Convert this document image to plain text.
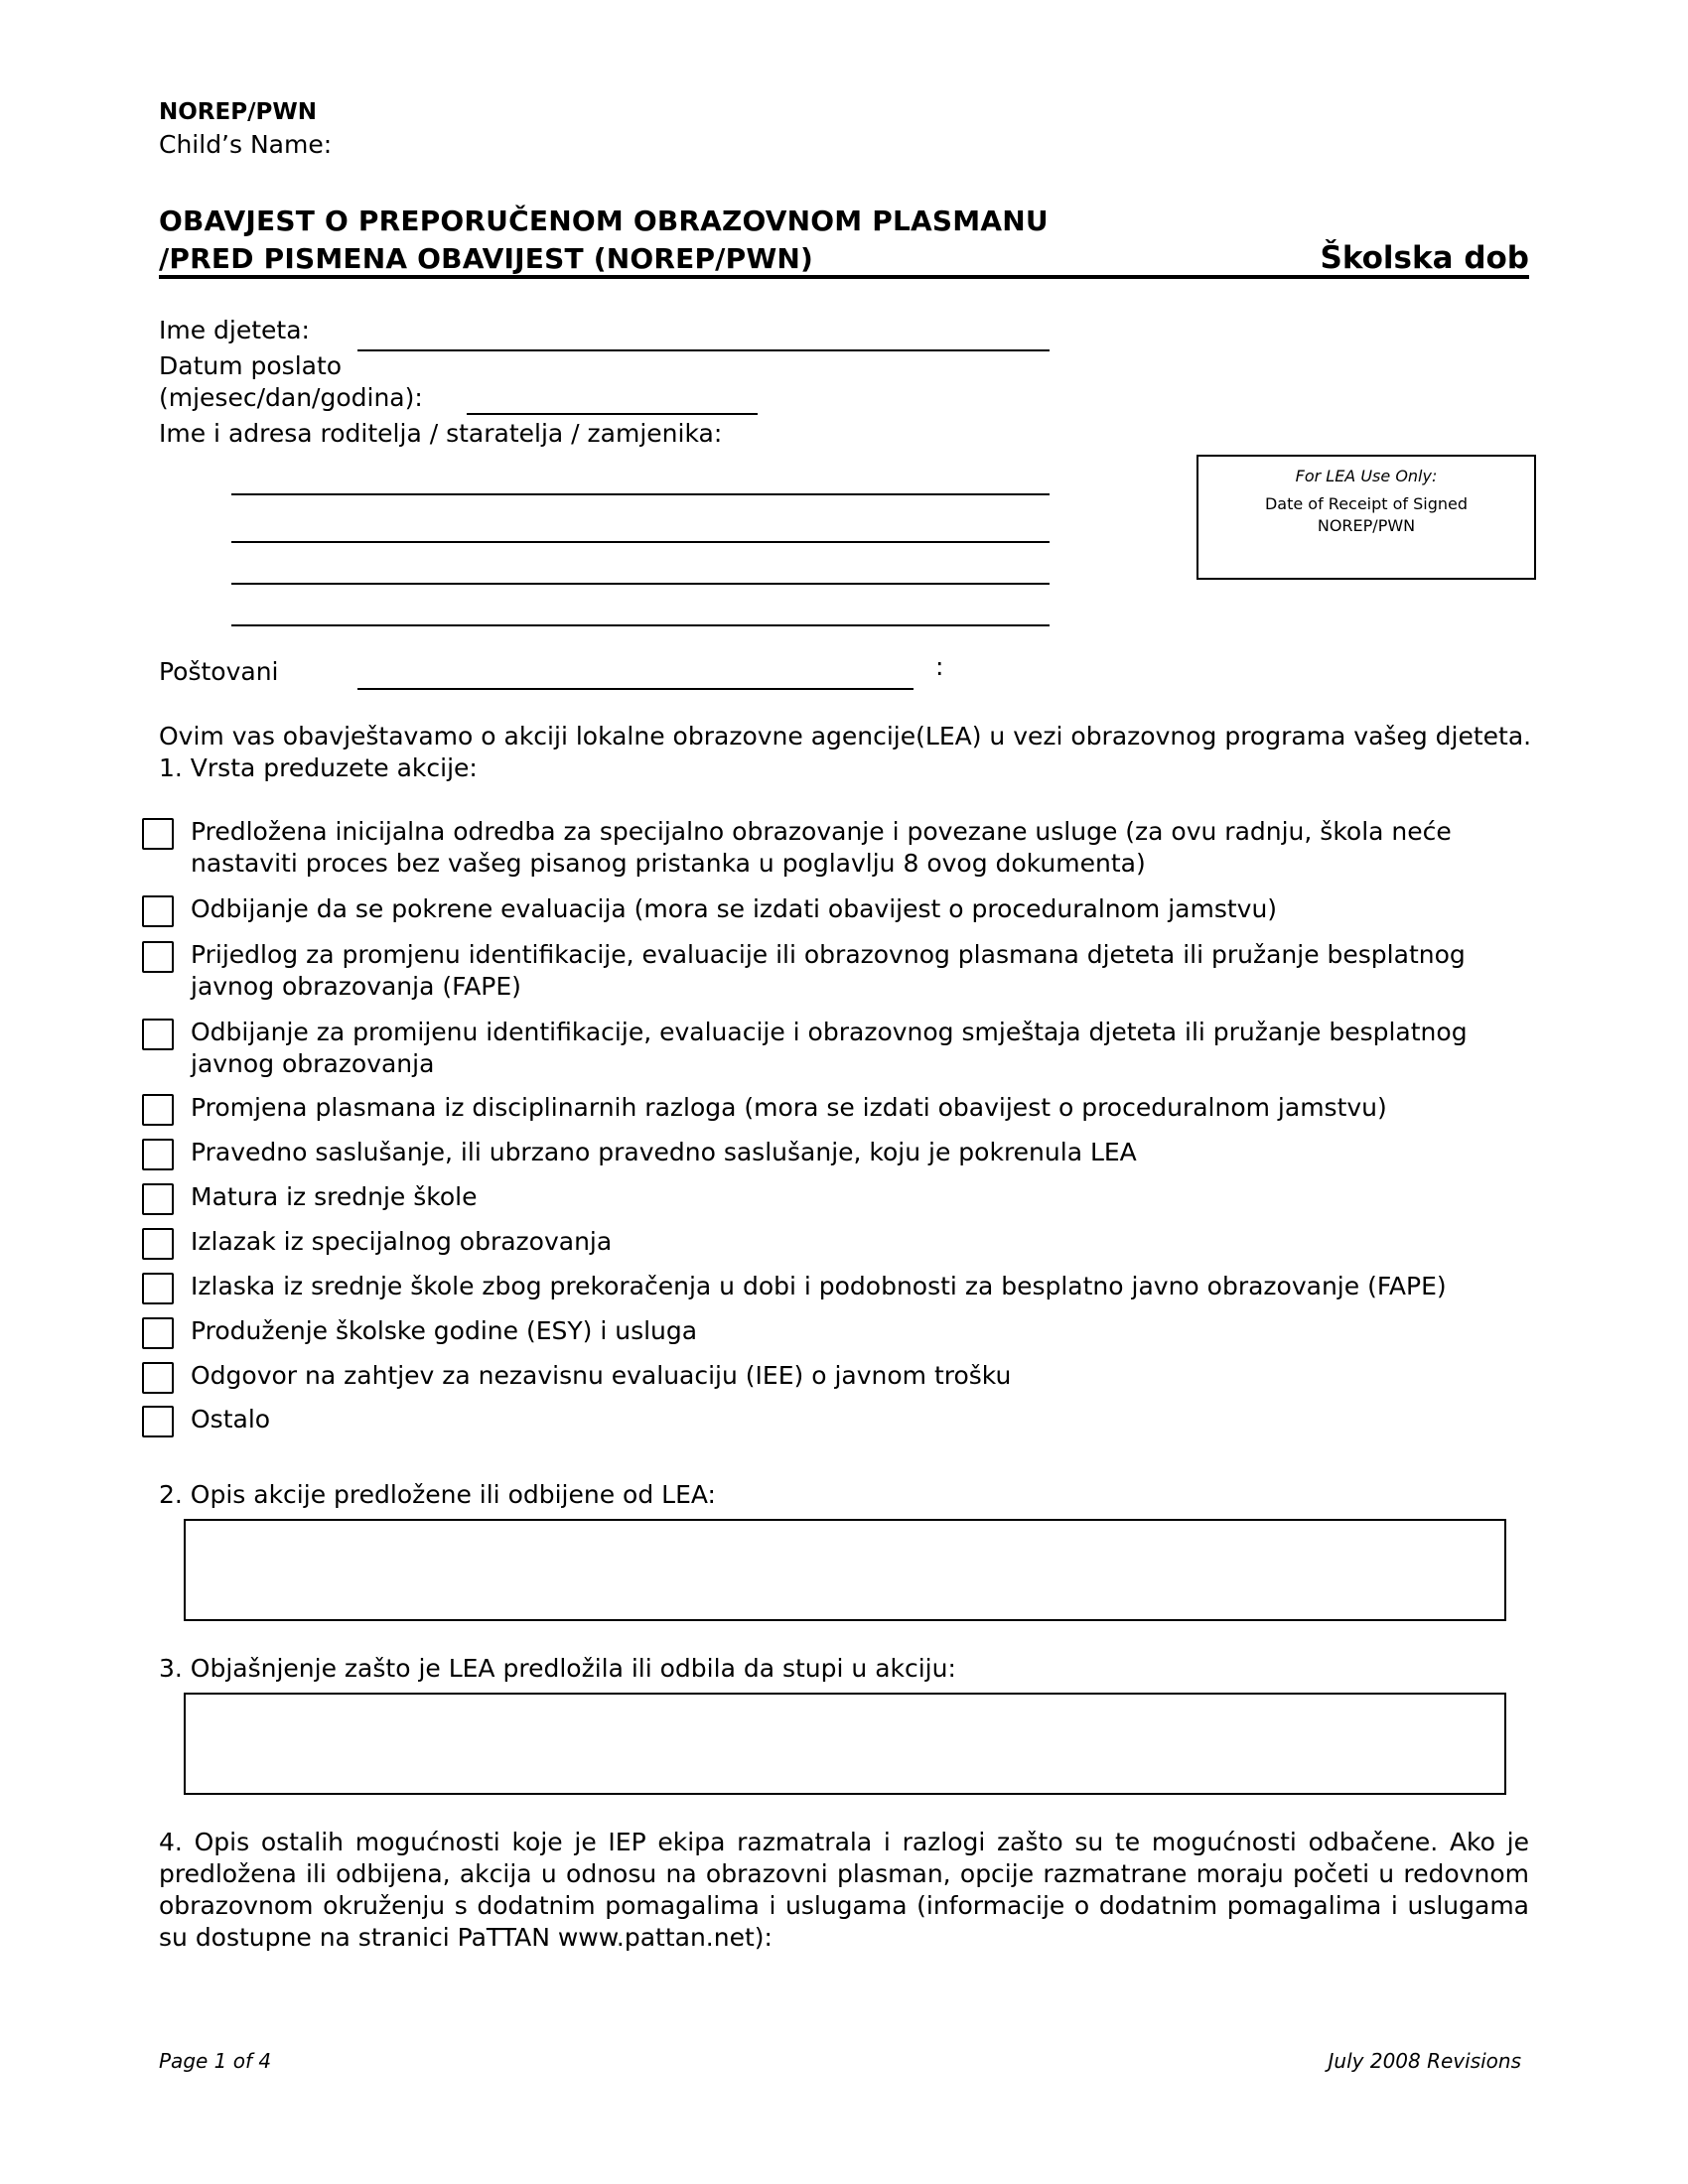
NOREP/PWN
Child’s Name:
OBAVJEST O PREPORUČENOM OBRAZOVNOM PLASMANU
/PRED PISMENA OBAVIJEST (NOREP/PWN)	Školska dob
Ime djeteta:
Datum poslato
(mjesec/dan/godina):
Ime i adresa roditelja / staratelja / zamjenika:
For LEA Use Only:
Date of Receipt of Signed
NOREP/PWN
Poštovani	:
Ovim vas obavještavamo o akciji lokalne obrazovne agencije(LEA) u vezi obrazovnog programa vašeg djeteta.
1. Vrsta preduzete akcije:
Predložena inicijalna odredba za specijalno obrazovanje i povezane usluge (za ovu radnju, škola neće nastaviti proces bez vašeg pisanog pristanka u poglavlju 8 ovog dokumenta)
Odbijanje da se pokrene evaluacija (mora se izdati obavijest o proceduralnom jamstvu)
Prijedlog za promjenu identifikacije, evaluacije ili obrazovnog plasmana djeteta ili pružanje besplatnog javnog obrazovanja (FAPE)
Odbijanje za promijenu identifikacije, evaluacije i obrazovnog smještaja djeteta ili pružanje besplatnog javnog obrazovanja
Promjena plasmana iz disciplinarnih razloga (mora se izdati obavijest o proceduralnom jamstvu)
Pravedno saslušanje, ili ubrzano pravedno saslušanje, koju je pokrenula LEA
Matura iz srednje škole
Izlazak iz specijalnog obrazovanja
Izlaska iz srednje škole zbog prekoračenja u dobi i podobnosti za besplatno javno obrazovanje (FAPE)
Produženje školske godine (ESY) i usluga
Odgovor na zahtjev za nezavisnu evaluaciju (IEE) o javnom trošku
Ostalo
2. Opis akcije predložene ili odbijene od LEA:
3. Objašnjenje zašto je LEA predložila ili odbila da stupi u akciju:
4. Opis ostalih mogućnosti koje je IEP ekipa razmatrala i razlogi zašto su te mogućnosti odbačene. Ako je predložena ili odbijena, akcija u odnosu na obrazovni plasman, opcije razmatrane moraju početi u redovnom obrazovnom okruženju s dodatnim pomagalima i uslugama (informacije o dodatnim pomagalima i uslugama su dostupne na stranici PaTTAN www.pattan.net):
Page 1 of 4	July 2008 Revisions
